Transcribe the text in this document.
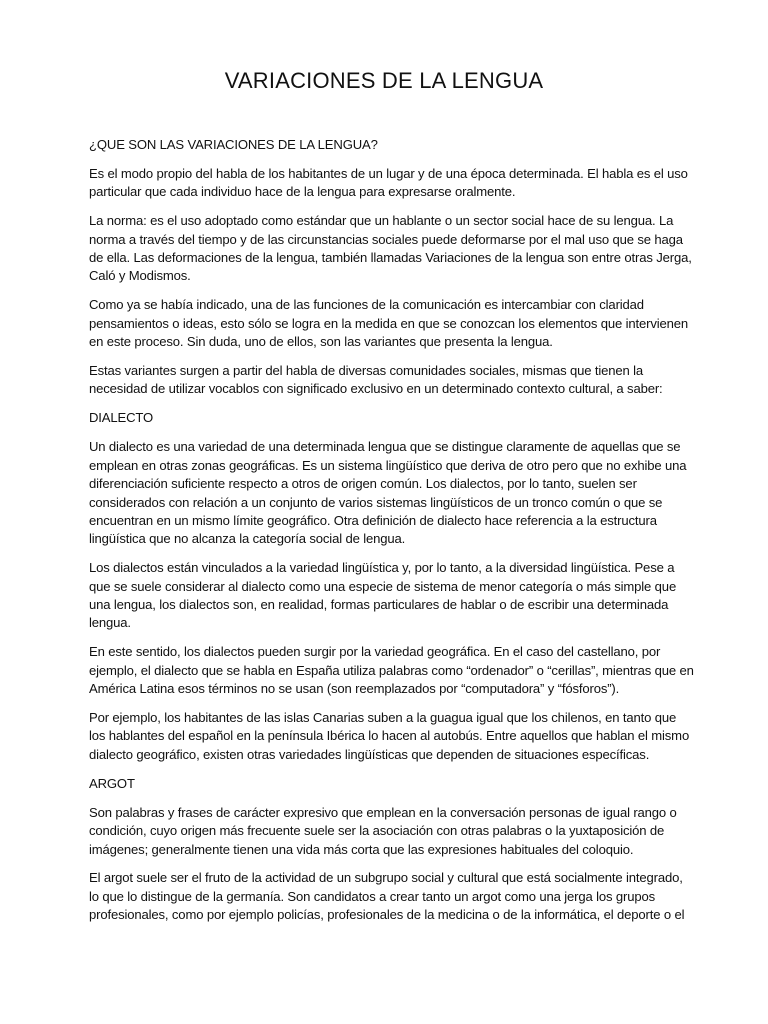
VARIACIONES DE LA LENGUA

¿QUE SON LAS VARIACIONES DE LA LENGUA?

Es el modo propio del habla de los habitantes de un lugar y de una época determinada. El habla es el uso particular que cada individuo hace de la lengua para expresarse oralmente.

La norma: es el uso adoptado como estándar que un hablante o un sector social hace de su lengua. La norma a través del tiempo y de las circunstancias sociales puede deformarse por el mal uso que se haga de ella. Las deformaciones de la lengua, también llamadas Variaciones de la lengua son entre otras Jerga, Caló y Modismos.

Como ya se había indicado, una de las funciones de la comunicación es intercambiar con claridad pensamientos o ideas, esto sólo se logra en la medida en que se conozcan los elementos que intervienen en este proceso. Sin duda, uno de ellos, son las variantes que presenta la lengua.

Estas variantes surgen a partir del habla de diversas comunidades sociales, mismas que tienen la necesidad de utilizar vocablos con significado exclusivo en un determinado contexto cultural, a saber:

DIALECTO

Un dialecto es una variedad de una determinada lengua que se distingue claramente de aquellas que se emplean en otras zonas geográficas. Es un sistema lingüístico que deriva de otro pero que no exhibe una diferenciación suficiente respecto a otros de origen común. Los dialectos, por lo tanto, suelen ser considerados con relación a un conjunto de varios sistemas lingüísticos de un tronco común o que se encuentran en un mismo límite geográfico. Otra definición de dialecto hace referencia a la estructura lingüística que no alcanza la categoría social de lengua.

Los dialectos están vinculados a la variedad lingüística y, por lo tanto, a la diversidad lingüística. Pese a que se suele considerar al dialecto como una especie de sistema de menor categoría o más simple que una lengua, los dialectos son, en realidad, formas particulares de hablar o de escribir una determinada lengua.

En este sentido, los dialectos pueden surgir por la variedad geográfica. En el caso del castellano, por ejemplo, el dialecto que se habla en España utiliza palabras como “ordenador” o “cerillas”, mientras que en América Latina esos términos no se usan (son reemplazados por “computadora” y “fósforos”).

Por ejemplo, los habitantes de las islas Canarias suben a la guagua igual que los chilenos, en tanto que los hablantes del español en la península Ibérica lo hacen al autobús. Entre aquellos que hablan el mismo dialecto geográfico, existen otras variedades lingüísticas que dependen de situaciones específicas.

ARGOT

Son palabras y frases de carácter expresivo que emplean en la conversación personas de igual rango o condición, cuyo origen más frecuente suele ser la asociación con otras palabras o la yuxtaposición de imágenes; generalmente tienen una vida más corta que las expresiones habituales del coloquio.

El argot suele ser el fruto de la actividad de un subgrupo social y cultural que está socialmente integrado, lo que lo distingue de la germanía. Son candidatos a crear tanto un argot como una jerga los grupos profesionales, como por ejemplo policías, profesionales de la medicina o de la informática, el deporte o el
